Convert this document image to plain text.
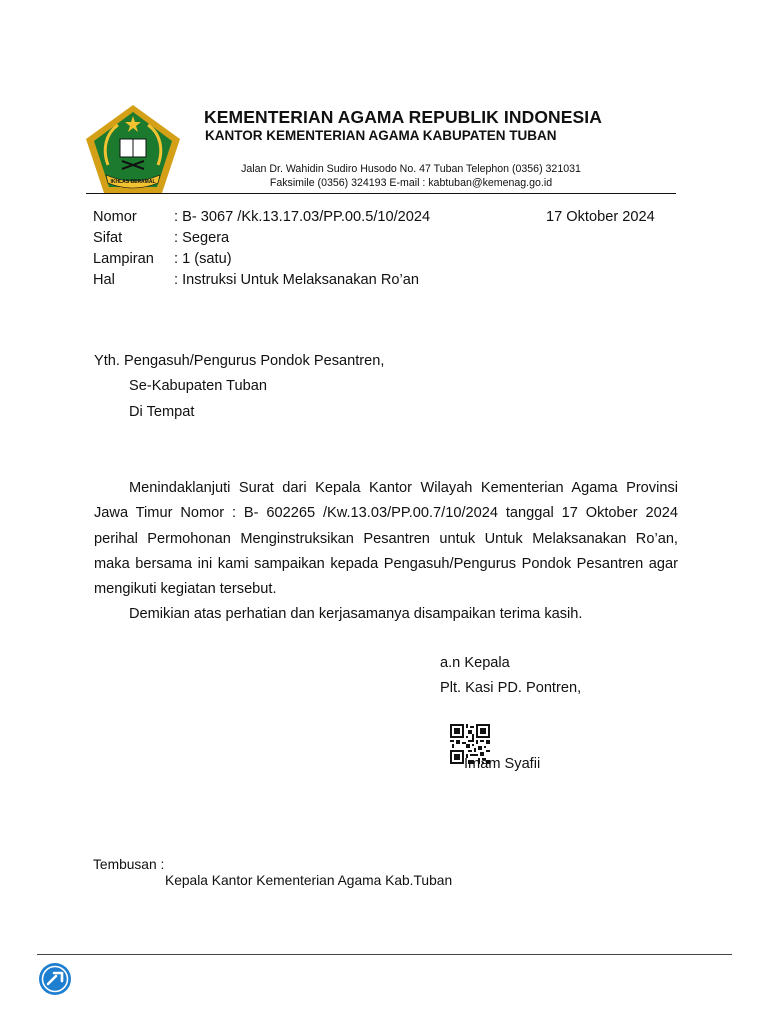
IKHLAS BERAMAL
KEMENTERIAN AGAMA REPUBLIK INDONESIA
KANTOR KEMENTERIAN AGAMA KABUPATEN TUBAN
Jalan Dr. Wahidin Sudiro Husodo No. 47 Tuban Telephon (0356) 321031
Faksimile (0356) 324193 E-mail : kabtuban@kemenag.go.id
Nomor	: B- 3067 /Kk.13.17.03/PP.00.5/10/2024	17 Oktober 2024
Sifat	: Segera
Lampiran : 1 (satu)
Hal	: Instruksi Untuk Melaksanakan Ro’an
Yth. Pengasuh/Pengurus Pondok Pesantren,
Se-Kabupaten Tuban
Di Tempat

Menindaklanjuti Surat dari Kepala Kantor Wilayah Kementerian Agama Provinsi Jawa Timur Nomor : B- 602265 /Kw.13.03/PP.00.7/10/2024 tanggal 17 Oktober 2024 perihal Permohonan Menginstruksikan Pesantren untuk Untuk Melaksanakan Ro’an, maka bersama ini kami sampaikan kepada Pengasuh/Pengurus Pondok Pesantren agar mengikuti kegiatan tersebut.

Demikian atas perhatian dan kerjasamanya disampaikan terima kasih.

a.n Kepala
Plt. Kasi PD. Pontren,
Imam Syafii
Tembusan :
Kepala Kantor Kementerian Agama Kab.Tuban
